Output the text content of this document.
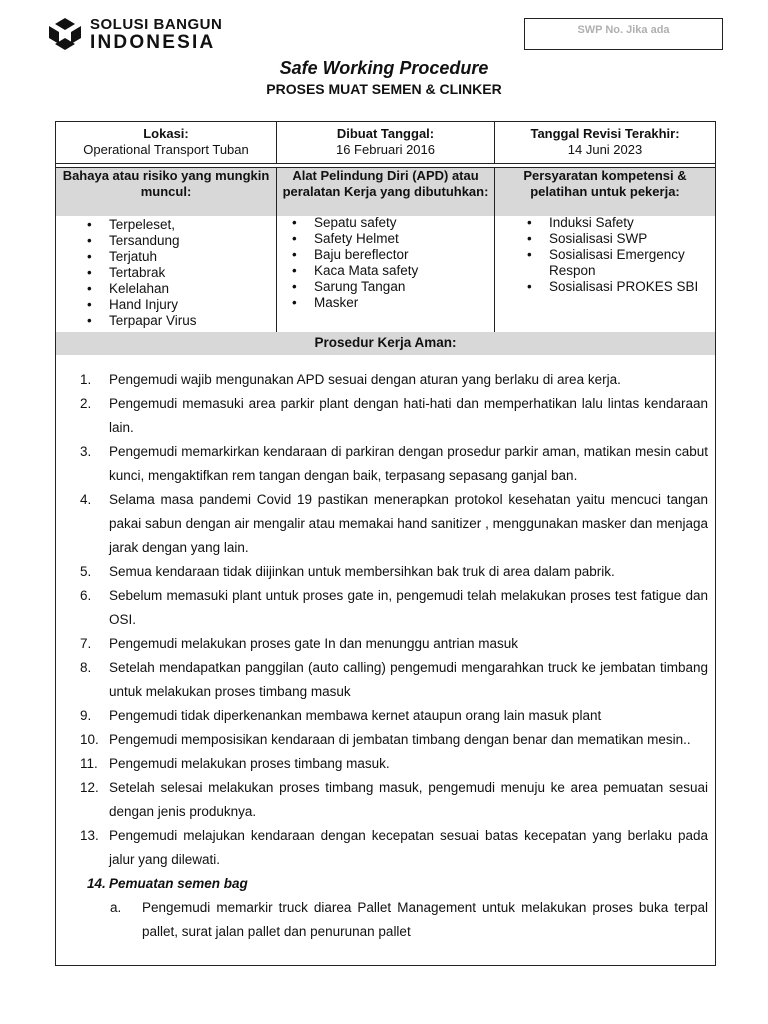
SOLUSI BANGUN
INDONESIA
SWP No. Jika ada
Safe Working Procedure
PROSES MUAT SEMEN & CLINKER
Lokasi:
Operational Transport Tuban
Dibuat Tanggal:
16 Februari 2016
Tanggal Revisi Terakhir:
14 Juni 2023
Bahaya atau risiko yang mungkin muncul:
• Terpeleset,
• Tersandung
• Terjatuh
• Tertabrak
• Kelelahan
• Hand Injury
• Terpapar Virus
Alat Pelindung Diri (APD) atau peralatan Kerja yang dibutuhkan:
• Sepatu safety
• Safety Helmet
• Baju bereflector
• Kaca Mata safety
• Sarung Tangan
• Masker
Persyaratan kompetensi & pelatihan untuk pekerja:
• Induksi Safety
• Sosialisasi SWP
• Sosialisasi Emergency Respon
• Sosialisasi PROKES SBI
Prosedur Kerja Aman:
1.	Pengemudi wajib mengunakan APD sesuai dengan aturan yang berlaku di area kerja.
2.	Pengemudi memasuki area parkir plant dengan hati-hati dan memperhatikan lalu lintas kendaraan lain.
3.	Pengemudi memarkirkan kendaraan di parkiran dengan prosedur parkir aman, matikan mesin cabut kunci, mengaktifkan rem tangan dengan baik, terpasang sepasang ganjal ban.
4.	Selama masa pandemi Covid 19 pastikan menerapkan protokol kesehatan yaitu mencuci tangan pakai sabun dengan air mengalir atau memakai hand sanitizer , menggunakan masker dan menjaga jarak dengan yang lain.
5.	Semua kendaraan tidak diijinkan untuk membersihkan bak truk di area dalam pabrik.
6.	Sebelum memasuki plant untuk proses gate in, pengemudi telah melakukan proses test fatigue dan OSI.
7.	Pengemudi melakukan proses gate In dan menunggu antrian masuk
8.	Setelah mendapatkan panggilan (auto calling) pengemudi mengarahkan truck ke jembatan timbang untuk melakukan proses timbang masuk
9.	Pengemudi tidak diperkenankan membawa kernet ataupun orang lain masuk plant
10. Pengemudi memposisikan kendaraan di jembatan timbang dengan benar dan mematikan mesin..
11. Pengemudi melakukan proses timbang masuk.
12. Setelah selesai melakukan proses timbang masuk, pengemudi menuju ke area pemuatan sesuai dengan jenis produknya.
13. Pengemudi melajukan kendaraan dengan kecepatan sesuai batas kecepatan yang berlaku pada jalur yang dilewati.
14. Pemuatan semen bag
a. Pengemudi memarkir truck diarea Pallet Management untuk melakukan proses buka terpal pallet, surat jalan pallet dan penurunan pallet
